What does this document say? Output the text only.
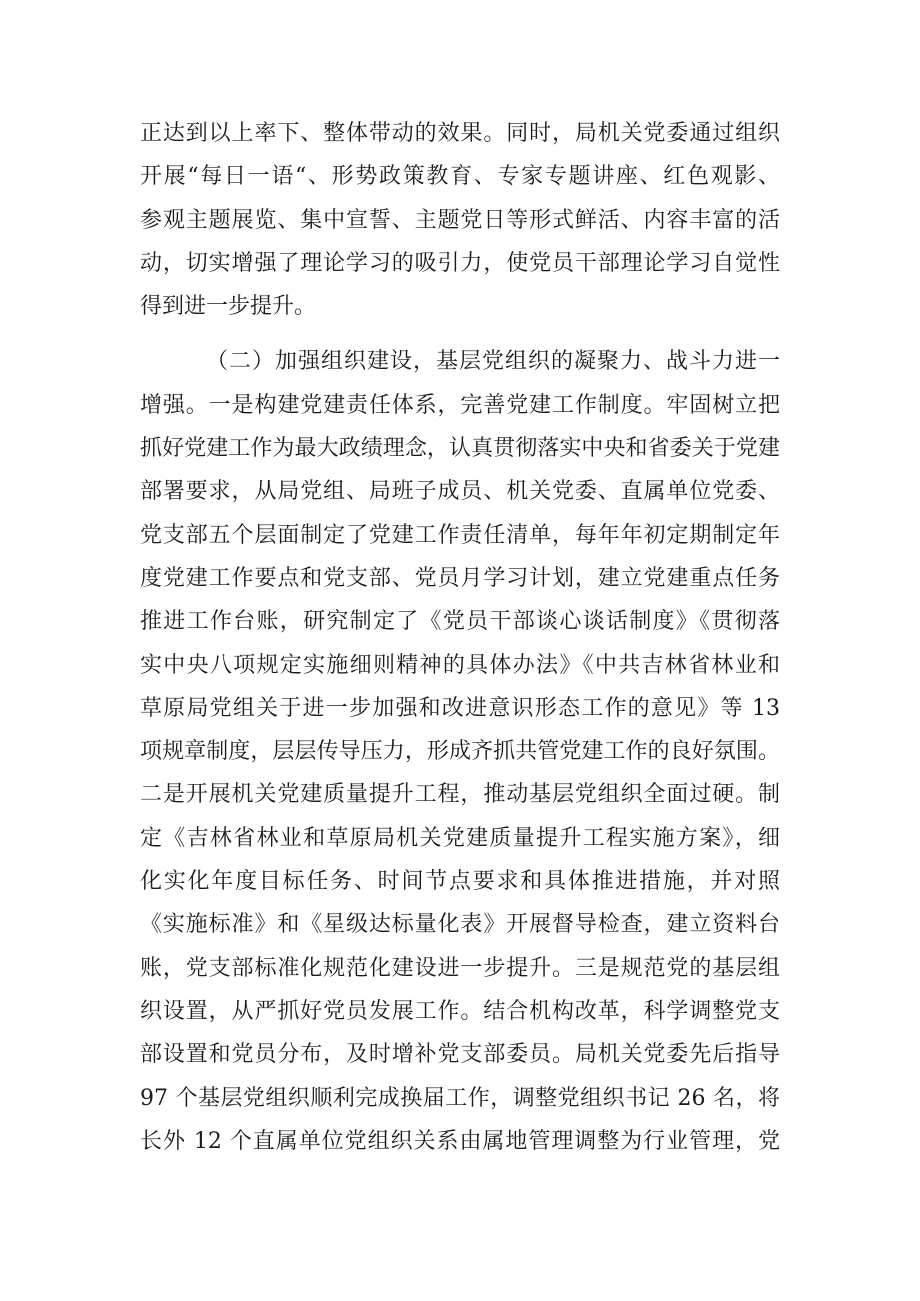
正达到以上率下、整体带动的效果。同时，局机关党委通过组织
开展“每日一语“、形势政策教育、专家专题讲座、红色观影、
参观主题展览、集中宣誓、主题党日等形式鲜活、内容丰富的活
动，切实增强了理论学习的吸引力，使党员干部理论学习自觉性
得到进一步提升。
（二）加强组织建设，基层党组织的凝聚力、战斗力进一
增强。一是构建党建责任体系，完善党建工作制度。牢固树立把
抓好党建工作为最大政绩理念，认真贯彻落实中央和省委关于党建
部署要求，从局党组、局班子成员、机关党委、直属单位党委、
党支部五个层面制定了党建工作责任清单，每年年初定期制定年
度党建工作要点和党支部、党员月学习计划，建立党建重点任务
推进工作台账，研究制定了《党员干部谈心谈话制度》《贯彻落
实中央八项规定实施细则精神的具体办法》《中共吉林省林业和
草原局党组关于进一步加强和改进意识形态工作的意见》等 13
项规章制度，层层传导压力，形成齐抓共管党建工作的良好氛围。
二是开展机关党建质量提升工程，推动基层党组织全面过硬。制
定《吉林省林业和草原局机关党建质量提升工程实施方案》，细
化实化年度目标任务、时间节点要求和具体推进措施，并对照
《实施标准》和《星级达标量化表》开展督导检查，建立资料台
账，党支部标准化规范化建设进一步提升。三是规范党的基层组
织设置，从严抓好党员发展工作。结合机构改革，科学调整党支
部设置和党员分布，及时增补党支部委员。局机关党委先后指导
97 个基层党组织顺利完成换届工作，调整党组织书记 26 名，将
长外 12 个直属单位党组织关系由属地管理调整为行业管理，党
